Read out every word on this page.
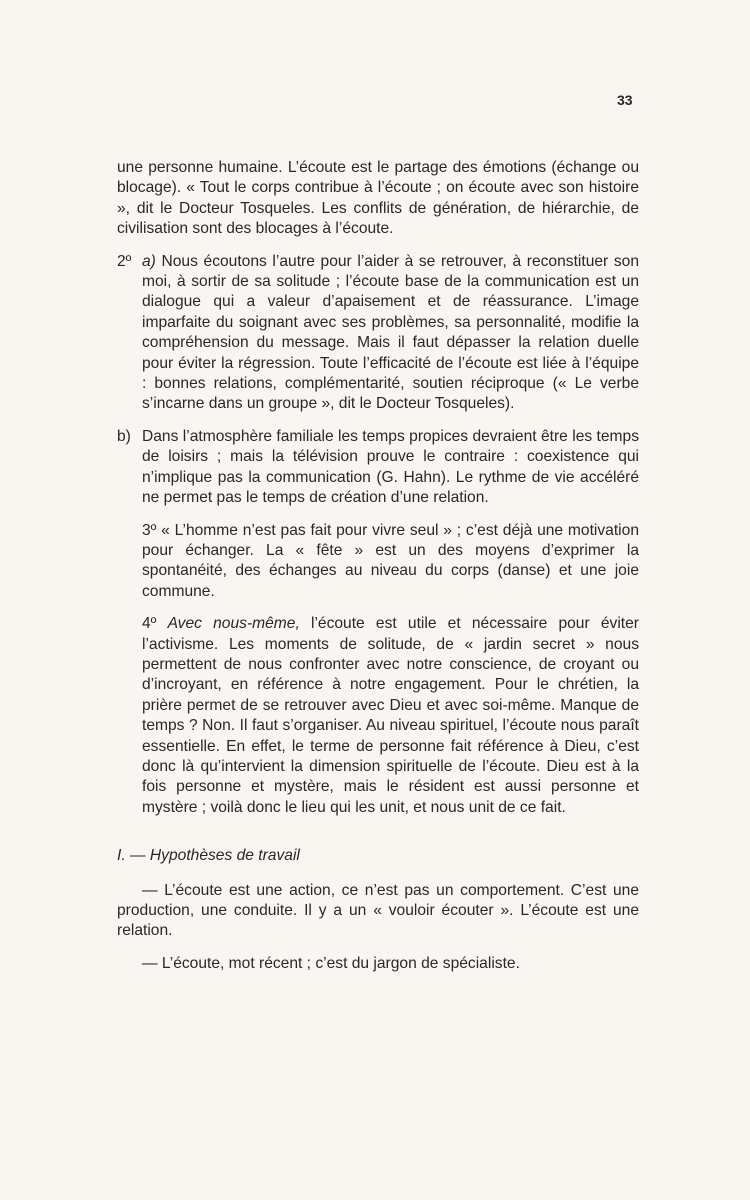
33

une personne humaine. L’écoute est le partage des émotions (échange ou blocage). « Tout le corps contribue à l’écoute ; on écoute avec son histoire », dit le Docteur Tosqueles. Les conflits de génération, de hiérarchie, de civilisation sont des blocages à l’écoute.

2º a) Nous écoutons l’autre pour l’aider à se retrouver, à reconstituer son moi, à sortir de sa solitude ; l’écoute base de la communication est un dialogue qui a valeur d’apaisement et de réassurance. L’image imparfaite du soignant avec ses problèmes, sa personnalité, modifie la compréhension du message. Mais il faut dépasser la relation duelle pour éviter la régression. Toute l’efficacité de l’écoute est liée à l’équipe : bonnes relations, complémentarité, soutien réciproque (« Le verbe s’incarne dans un groupe », dit le Docteur Tosqueles).
b) Dans l’atmosphère familiale les temps propices devraient être les temps de loisirs ; mais la télévision prouve le contraire : coexistence qui n’implique pas la communication (G. Hahn). Le rythme de vie accéléré ne permet pas le temps de création d’une relation.

3º « L’homme n’est pas fait pour vivre seul » ; c’est déjà une motivation pour échanger. La « fête » est un des moyens d’exprimer la spontanéité, des échanges au niveau du corps (danse) et une joie commune.

4º Avec nous-même, l’écoute est utile et nécessaire pour éviter l’activisme. Les moments de solitude, de « jardin secret » nous permettent de nous confronter avec notre conscience, de croyant ou d’incroyant, en référence à notre engagement. Pour le chrétien, la prière permet de se retrouver avec Dieu et avec soi-même. Manque de temps ? Non. Il faut s’organiser. Au niveau spirituel, l’écoute nous paraît essentielle. En effet, le terme de personne fait référence à Dieu, c’est donc là qu’intervient la dimension spirituelle de l’écoute. Dieu est à la fois personne et mystère, mais le résident est aussi personne et mystère ; voilà donc le lieu qui les unit, et nous unit de ce fait.

I. — Hypothèses de travail

— L’écoute est une action, ce n’est pas un comportement. C’est une production, une conduite. Il y a un « vouloir écouter ». L’écoute est une relation.

— L’écoute, mot récent ; c’est du jargon de spécialiste.
